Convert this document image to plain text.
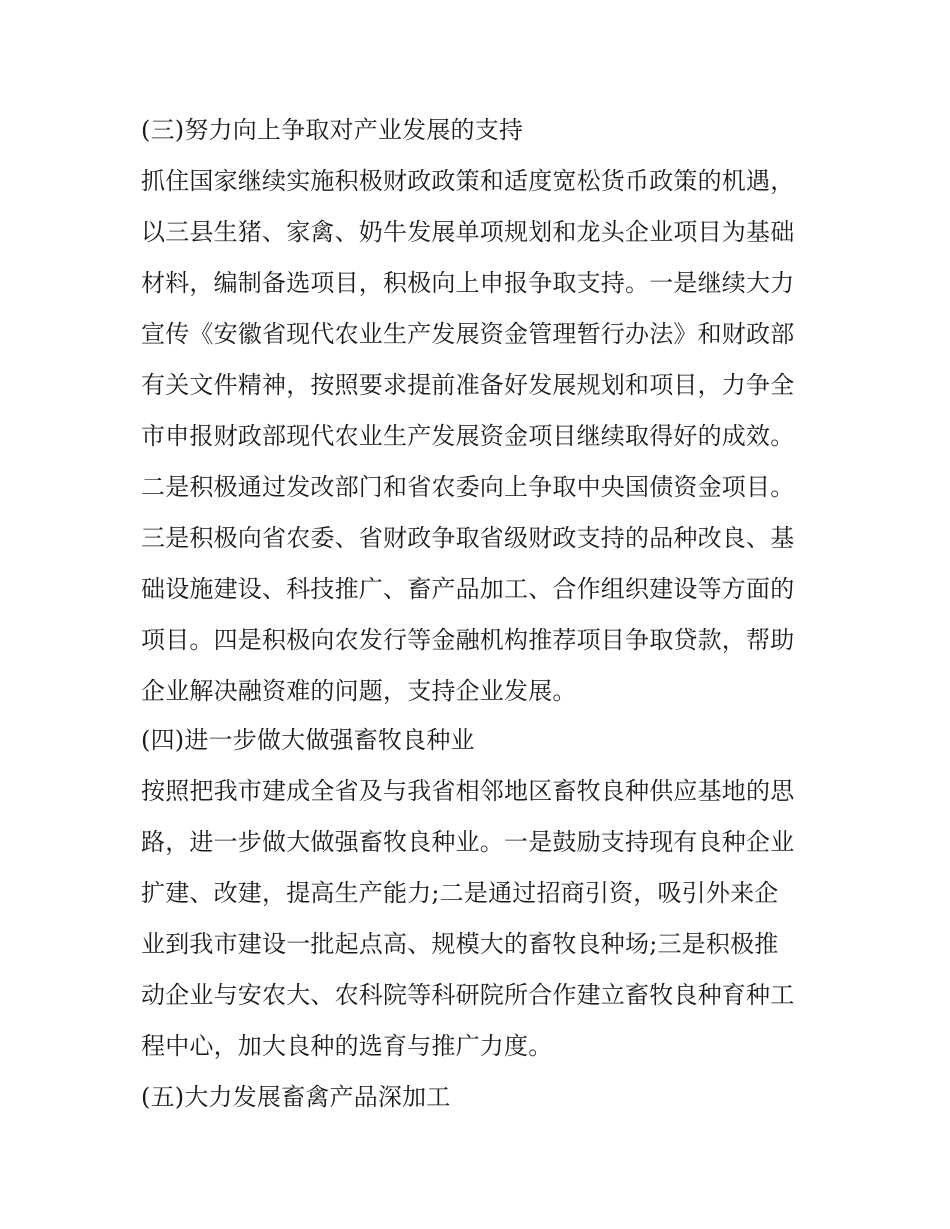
(三)努力向上争取对产业发展的支持
抓住国家继续实施积极财政政策和适度宽松货币政策的机遇，
以三县生猪、家禽、奶牛发展单项规划和龙头企业项目为基础
材料，编制备选项目，积极向上申报争取支持。一是继续大力
宣传《安徽省现代农业生产发展资金管理暂行办法》和财政部
有关文件精神，按照要求提前准备好发展规划和项目，力争全
市申报财政部现代农业生产发展资金项目继续取得好的成效。
二是积极通过发改部门和省农委向上争取中央国债资金项目。
三是积极向省农委、省财政争取省级财政支持的品种改良、基
础设施建设、科技推广、畜产品加工、合作组织建设等方面的
项目。四是积极向农发行等金融机构推荐项目争取贷款，帮助
企业解决融资难的问题，支持企业发展。
(四)进一步做大做强畜牧良种业
按照把我市建成全省及与我省相邻地区畜牧良种供应基地的思
路，进一步做大做强畜牧良种业。一是鼓励支持现有良种企业
扩建、改建，提高生产能力;二是通过招商引资，吸引外来企
业到我市建设一批起点高、规模大的畜牧良种场;三是积极推
动企业与安农大、农科院等科研院所合作建立畜牧良种育种工
程中心，加大良种的选育与推广力度。
(五)大力发展畜禽产品深加工
